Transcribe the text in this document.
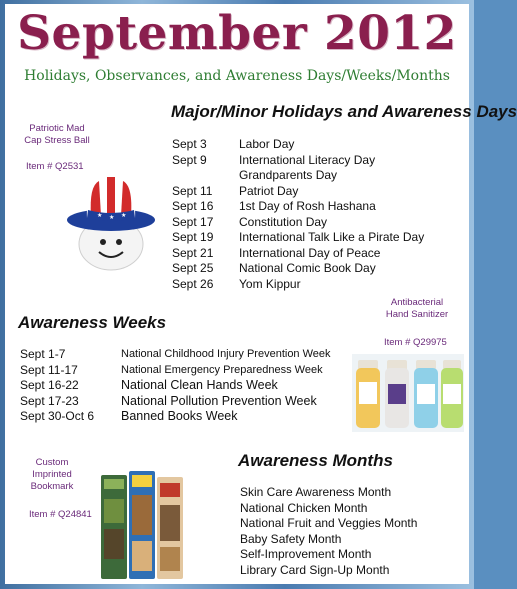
September 2012
Holidays, Observances, and Awareness Days/Weeks/Months
Major/Minor Holidays and Awareness Days
Sept 3	Labor Day
Sept 9	International Literacy Day
Grandparents Day
Sept 11	Patriot Day
Sept 16	1st Day of Rosh Hashana
Sept 17	Constitution Day
Sept 19	International Talk Like a Pirate Day
Sept 21	International Day of Peace
Sept 25	National Comic Book Day
Sept 26	Yom Kippur
Patriotic Mad
Cap Stress Ball
Item # Q2531
★ ★ ★
Awareness Weeks
Sept 1-7	National Childhood Injury Prevention Week
Sept 11-17	National Emergency Preparedness Week
Sept 16-22	National Clean Hands Week
Sept 17-23	National Pollution Prevention Week
Sept 30-Oct 6	Banned Books Week
Antibacterial
Hand Sanitizer
Item # Q29975
Awareness Months
Skin Care Awareness Month
National Chicken Month
National Fruit and Veggies Month
Baby Safety Month
Self-Improvement Month
Library Card Sign-Up Month
Custom
Imprinted
Bookmark
Item # Q24841
